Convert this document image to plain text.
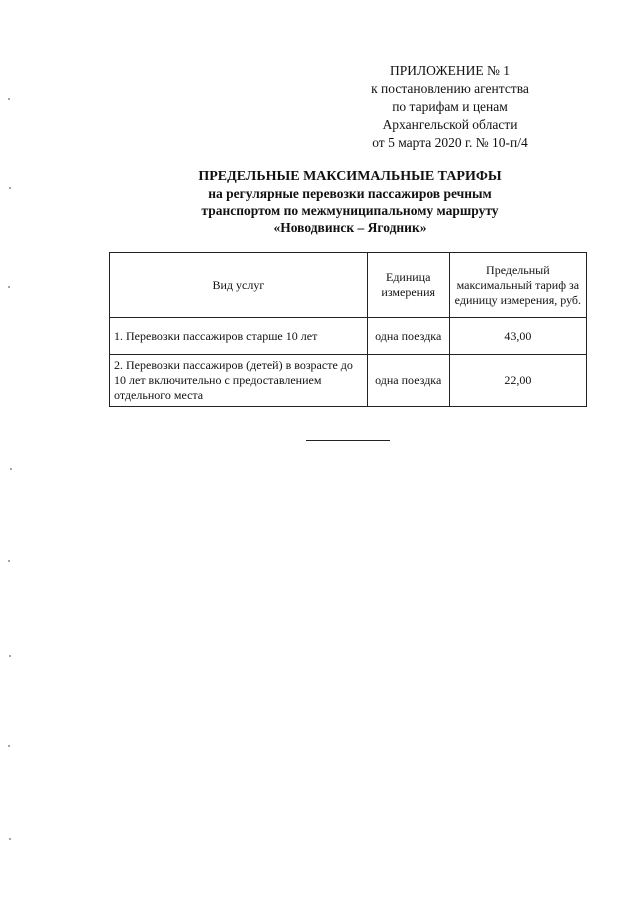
ПРИЛОЖЕНИЕ № 1
к постановлению агентства
по тарифам и ценам
Архангельской области
от 5 марта 2020 г. № 10-п/4
ПРЕДЕЛЬНЫЕ МАКСИМАЛЬНЫЕ ТАРИФЫ
на регулярные перевозки пассажиров речным
транспортом по межмуниципальному маршруту
«Новодвинск – Ягодник»
Вид услуг	Единица измерения	Предельный максимальный тариф за единицу измерения, руб.
1. Перевозки пассажиров старше 10 лет	одна поездка	43,00
2. Перевозки пассажиров (детей) в возрасте до 10 лет включительно с предоставлением отдельного места	одна поездка	22,00
